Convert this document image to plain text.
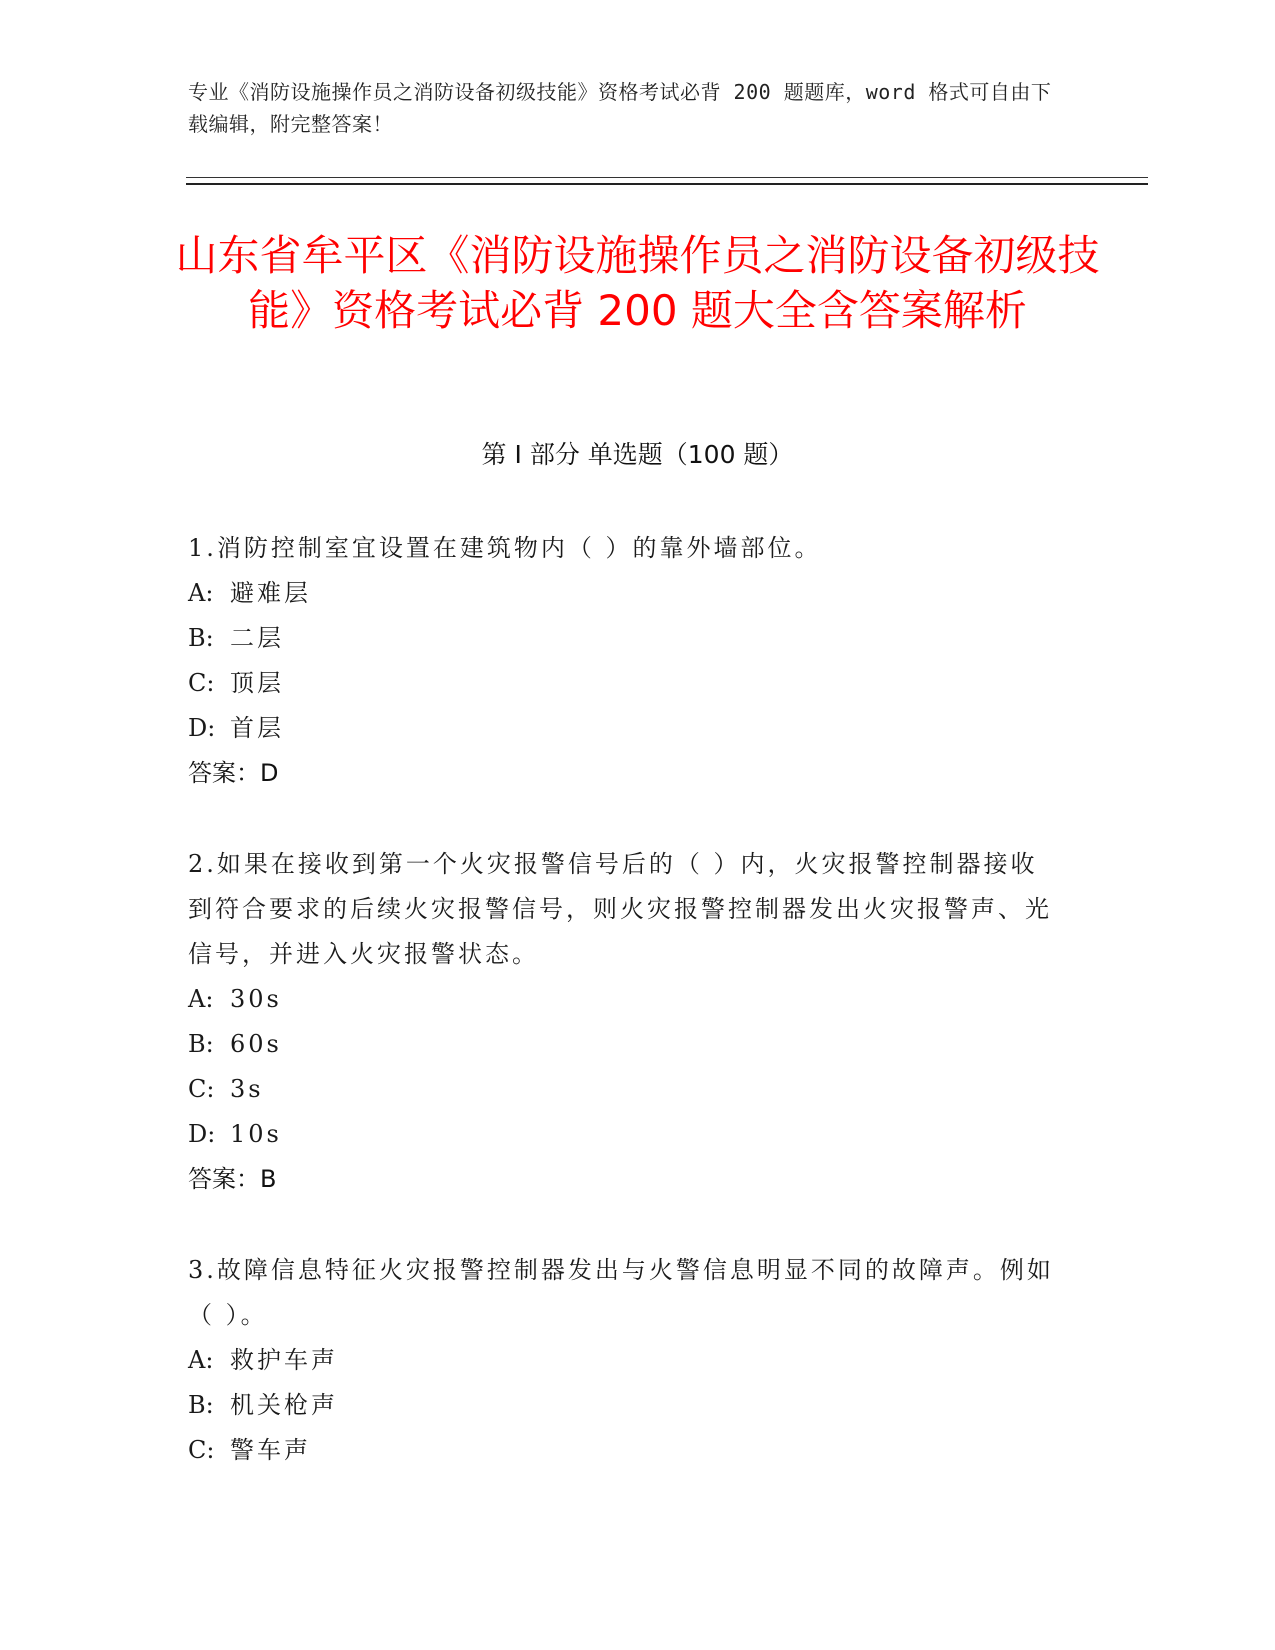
专业《消防设施操作员之消防设备初级技能》资格考试必背 200 题题库，word 格式可自由下载编辑，附完整答案！
山东省牟平区《消防设施操作员之消防设备初级技能》资格考试必背 200 题大全含答案解析
第 I 部分 单选题（100 题）
1.消防控制室宜设置在建筑物内（ ）的靠外墙部位。
A: 避难层
B: 二层
C: 顶层
D: 首层
答案：D
2.如果在接收到第一个火灾报警信号后的（ ）内，火灾报警控制器接收到符合要求的后续火灾报警信号，则火灾报警控制器发出火灾报警声、光信号，并进入火灾报警状态。
A: 30s
B: 60s
C: 3s
D: 10s
答案：B
3.故障信息特征火灾报警控制器发出与火警信息明显不同的故障声。例如（ ）。
A: 救护车声
B: 机关枪声
C: 警车声
